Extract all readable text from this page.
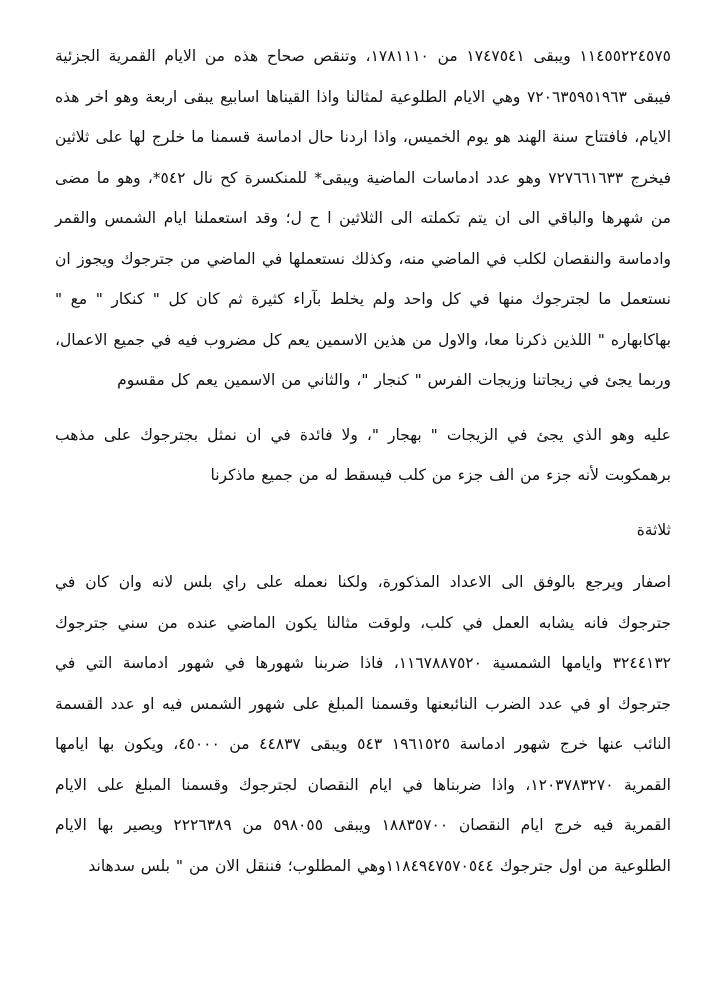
١١٤٥٥٢٢٤٥٧٥ ويبقى ١٧٤٧٥٤١ من ١٧٨١١١٠، وتنقص صحاح هذه من الايام القمرية الجزئية فيبقى ٧٢٠٦٣٥٩٥١٩٦٣ وهي الايام الطلوعية لمثالنا واذا القيناها اسابيع يبقى اربعة وهو اخر هذه الايام، فافتتاح سنة الهند هو يوم الخميس، واذا اردنا حال ادماسة قسمنا ما خلرج لها على ثلاثين فيخرج ٧٢٧٦٦١٦٣٣ وهو عدد ادماسات الماضية ويبقى* للمنكسرة كح نال ٥٤٢*، وهو ما مضى من شهرها والباقي الى ان يتم تكملته الى الثلاثين ا ح ل؛ وقد استعملنا ايام الشمس والقمر وادماسة والنقصان لكلب في الماضي منه، وكذلك نستعملها في الماضي من جترجوك ويجوز ان نستعمل ما لجترجوك منها في كل واحد ولم يخلط بآراء كثيرة ثم كان كل " كنكار " مع " بهاكابهاره " اللذين ذكرنا معا، والاول من هذين الاسمين يعم كل مضروب فيه في جميع الاعمال، وربما يجئ في زيجاتنا وزيجات الفرس " كنجار "، والثاني من الاسمين يعم كل مقسوم

عليه وهو الذي يجئ في الزيجات " بهجار "، ولا فائدة في ان نمثل بجترجوك على مذهب برهمكوبت لأنه جزء من الف جزء من كلب فيسقط له من جميع ماذكرنا

ثلاثةة

اصفار ويرجع بالوفق الى الاعداد المذكورة، ولكنا نعمله على راي بلس لانه وان كان في جترجوك فانه يشابه العمل في كلب، ولوقت مثالنا يكون الماضي عنده من سني جترجوك ٣٢٤٤١٣٢ وايامها الشمسية ١١٦٧٨٨٧٥٢٠، فاذا ضربنا شهورها في شهور ادماسة التي في جترجوك او في عدد الضرب النائبعنها وقسمنا المبلغ على شهور الشمس فيه او عدد القسمة النائب عنها خرج شهور ادماسة ١٩٦١٥٢٥ ٥٤٣ ويبقى ٤٤٨٣٧ من ٤٥٠٠٠، ويكون بها ايامها القمرية ١٢٠٣٧٨٣٢٧٠، واذا ضربناها في ايام النقصان لجترجوك وقسمنا المبلغ على الايام القمرية فيه خرج ايام النقصان ١٨٨٣٥٧٠٠ ويبقى ٥٩٨٠٥٥ من ٢٢٢٦٣٨٩ ويصير بها الايام الطلوعية من اول جترجوك ١١٨٤٩٤٧٥٧٠٥٤٤وهي المطلوب؛ فننقل الان من " بلس سدهاند
